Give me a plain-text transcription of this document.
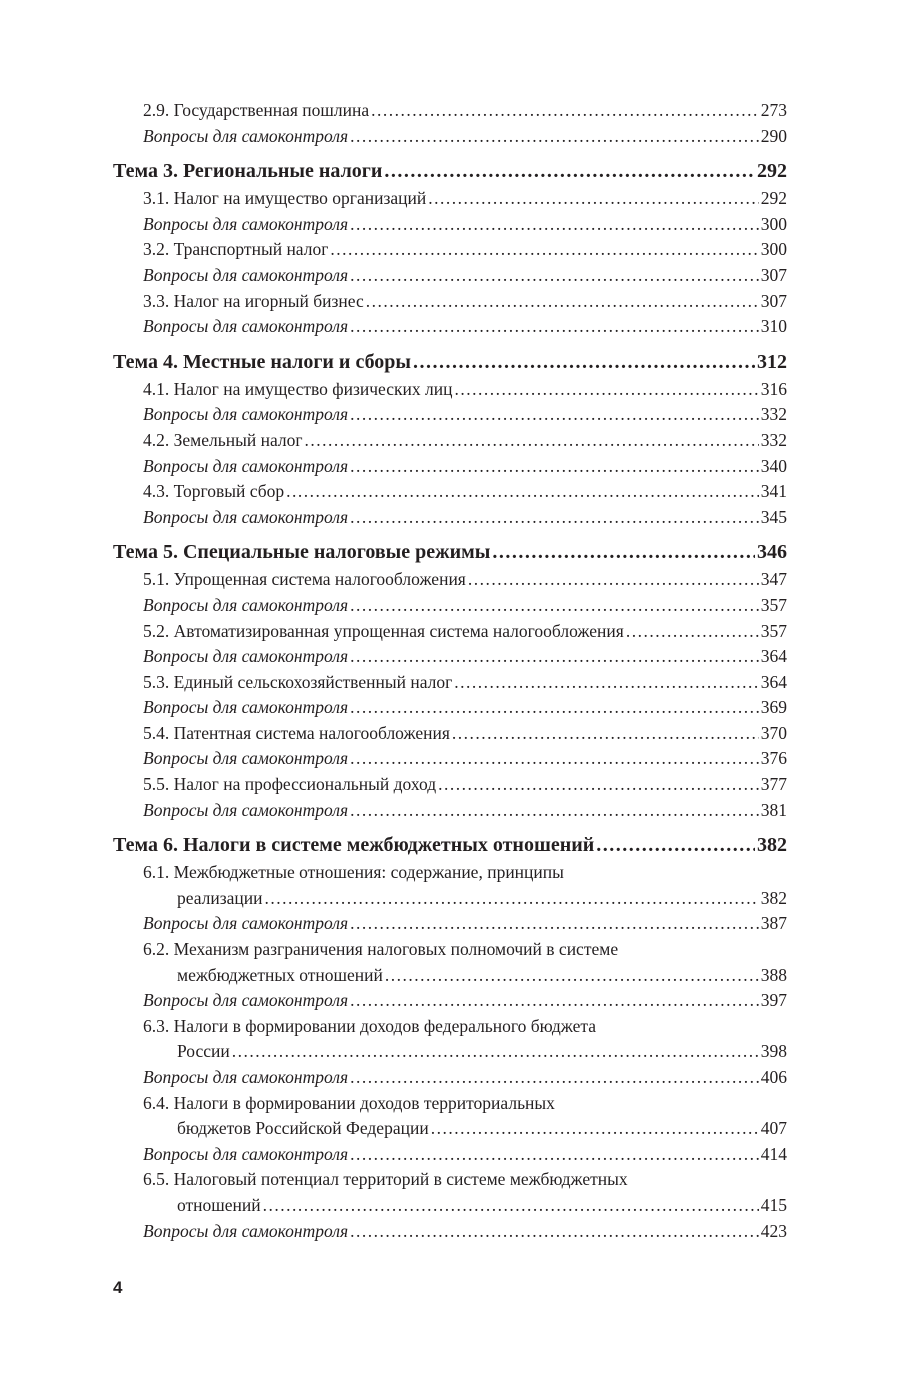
2.9. Государственная пошлина .....	273
Вопросы для самоконтроля .....	290
Тема 3. Региональные налоги .....	292
3.1. Налог на имущество организаций .....	292
Вопросы для самоконтроля .....	300
3.2. Транспортный налог .....	300
Вопросы для самоконтроля .....	307
3.3. Налог на игорный бизнес .....	307
Вопросы для самоконтроля .....	310
Тема 4. Местные налоги и сборы .....	312
4.1. Налог на имущество физических лиц .....	316
Вопросы для самоконтроля .....	332
4.2. Земельный налог .....	332
Вопросы для самоконтроля .....	340
4.3. Торговый сбор .....	341
Вопросы для самоконтроля .....	345
Тема 5. Специальные налоговые режимы .....	346
5.1. Упрощенная система налогообложения .....	347
Вопросы для самоконтроля .....	357
5.2. Автоматизированная упрощенная система налогообложения .....	357
Вопросы для самоконтроля .....	364
5.3. Единый сельскохозяйственный налог .....	364
Вопросы для самоконтроля .....	369
5.4. Патентная система налогообложения .....	370
Вопросы для самоконтроля .....	376
5.5. Налог на профессиональный доход .....	377
Вопросы для самоконтроля .....	381
Тема 6. Налоги в системе межбюджетных отношений .....	382
6.1. Межбюджетные отношения: содержание, принципы
реализации .....	382
Вопросы для самоконтроля .....	387
6.2. Механизм разграничения налоговых полномочий в системе
межбюджетных отношений .....	388
Вопросы для самоконтроля .....	397
6.3. Налоги в формировании доходов федерального бюджета
России .....	398
Вопросы для самоконтроля .....	406
6.4. Налоги в формировании доходов территориальных
бюджетов Российской Федерации .....	407
Вопросы для самоконтроля .....	414
6.5. Налоговый потенциал территорий в системе межбюджетных
отношений .....	415
Вопросы для самоконтроля .....	423
4
